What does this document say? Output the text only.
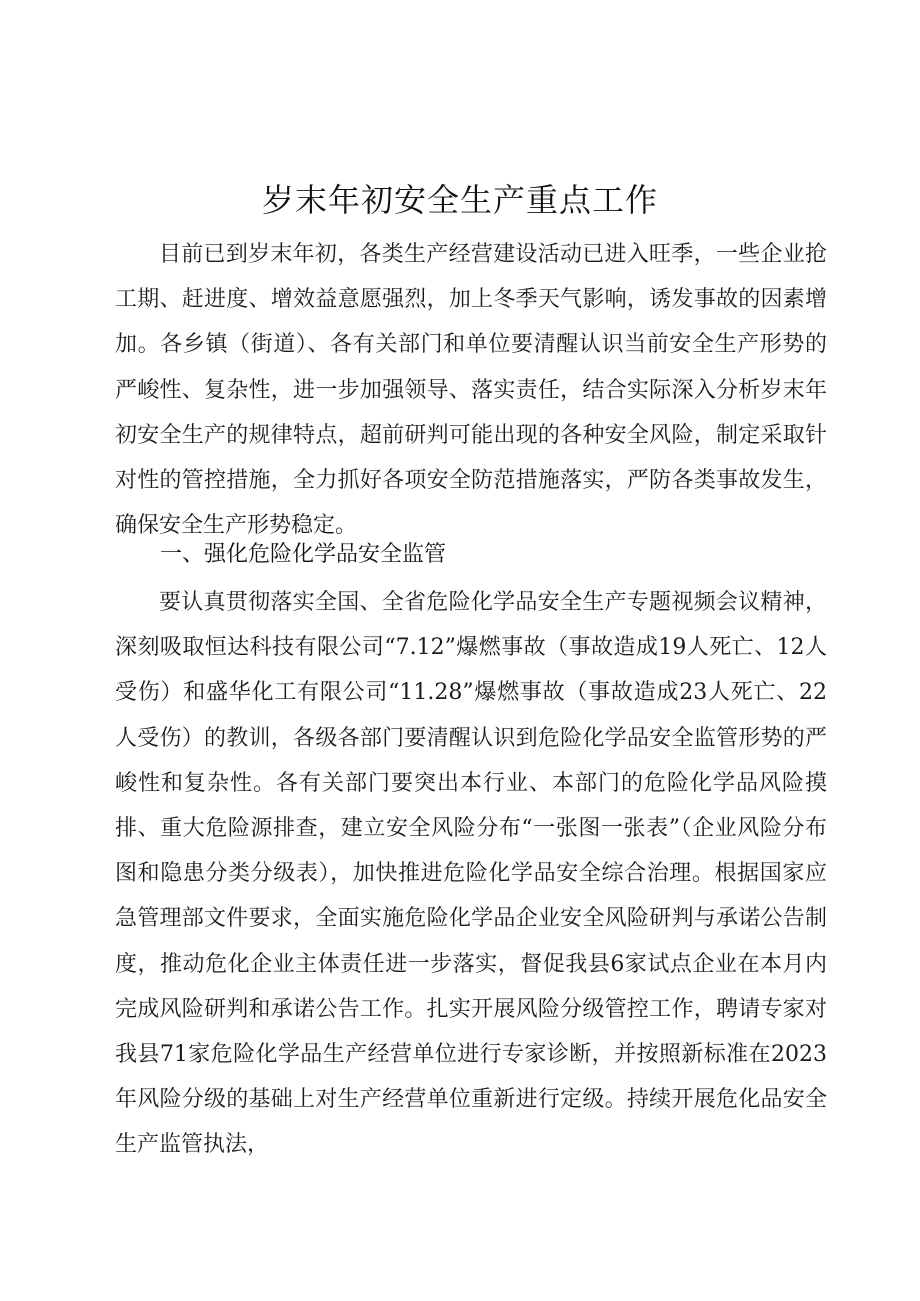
岁末年初安全生产重点工作

目前已到岁末年初，各类生产经营建设活动已进入旺季，一些企业抢工期、赶进度、增效益意愿强烈，加上冬季天气影响，诱发事故的因素增加。各乡镇（街道）、各有关部门和单位要清醒认识当前安全生产形势的严峻性、复杂性，进一步加强领导、落实责任，结合实际深入分析岁末年初安全生产的规律特点，超前研判可能出现的各种安全风险，制定采取针对性的管控措施，全力抓好各项安全防范措施落实，严防各类事故发生，确保安全生产形势稳定。

一、强化危险化学品安全监管

要认真贯彻落实全国、全省危险化学品安全生产专题视频会议精神，深刻吸取恒达科技有限公司“7.12”爆燃事故（事故造成19人死亡、12人受伤）和盛华化工有限公司“11.28”爆燃事故（事故造成23人死亡、22人受伤）的教训，各级各部门要清醒认识到危险化学品安全监管形势的严峻性和复杂性。各有关部门要突出本行业、本部门的危险化学品风险摸排、重大危险源排查，建立安全风险分布“一张图一张表”（企业风险分布图和隐患分类分级表），加快推进危险化学品安全综合治理。根据国家应急管理部文件要求，全面实施危险化学品企业安全风险研判与承诺公告制度，推动危化企业主体责任进一步落实，督促我县6家试点企业在本月内完成风险研判和承诺公告工作。扎实开展风险分级管控工作，聘请专家对我县71家危险化学品生产经营单位进行专家诊断，并按照新标准在2023年风险分级的基础上对生产经营单位重新进行定级。持续开展危化品安全生产监管执法，
